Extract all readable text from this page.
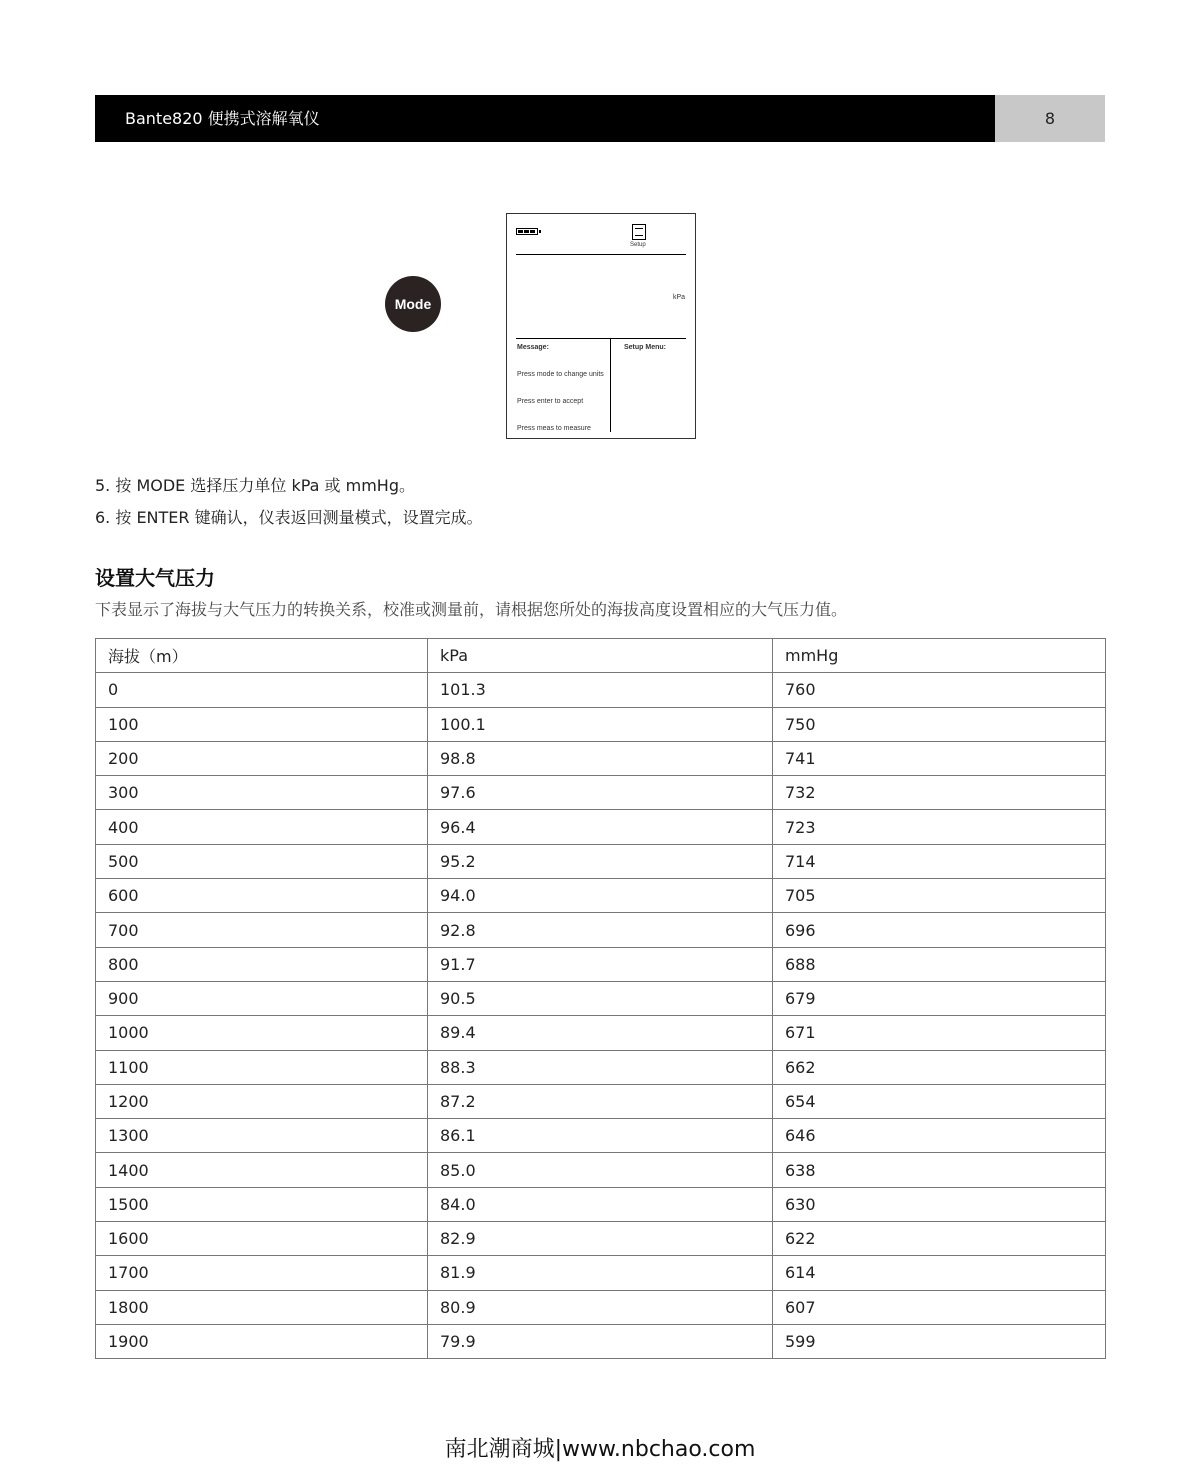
Bante820 便携式溶解氧仪	8
Mode
Setup
kPa
Message:	Setup Menu:
Press mode to change units
Press enter to accept
Press meas to measure
5. 按 MODE 选择压力单位 kPa 或 mmHg。
6. 按 ENTER 键确认，仪表返回测量模式，设置完成。
设置大气压力
下表显示了海拔与大气压力的转换关系，校准或测量前，请根据您所处的海拔高度设置相应的大气压力值。
海拔（m）	kPa	mmHg
0	101.3	760
100	100.1	750
200	98.8	741
300	97.6	732
400	96.4	723
500	95.2	714
600	94.0	705
700	92.8	696
800	91.7	688
900	90.5	679
1000	89.4	671
1100	88.3	662
1200	87.2	654
1300	86.1	646
1400	85.0	638
1500	84.0	630
1600	82.9	622
1700	81.9	614
1800	80.9	607
1900	79.9	599
南北潮商城|www.nbchao.com
